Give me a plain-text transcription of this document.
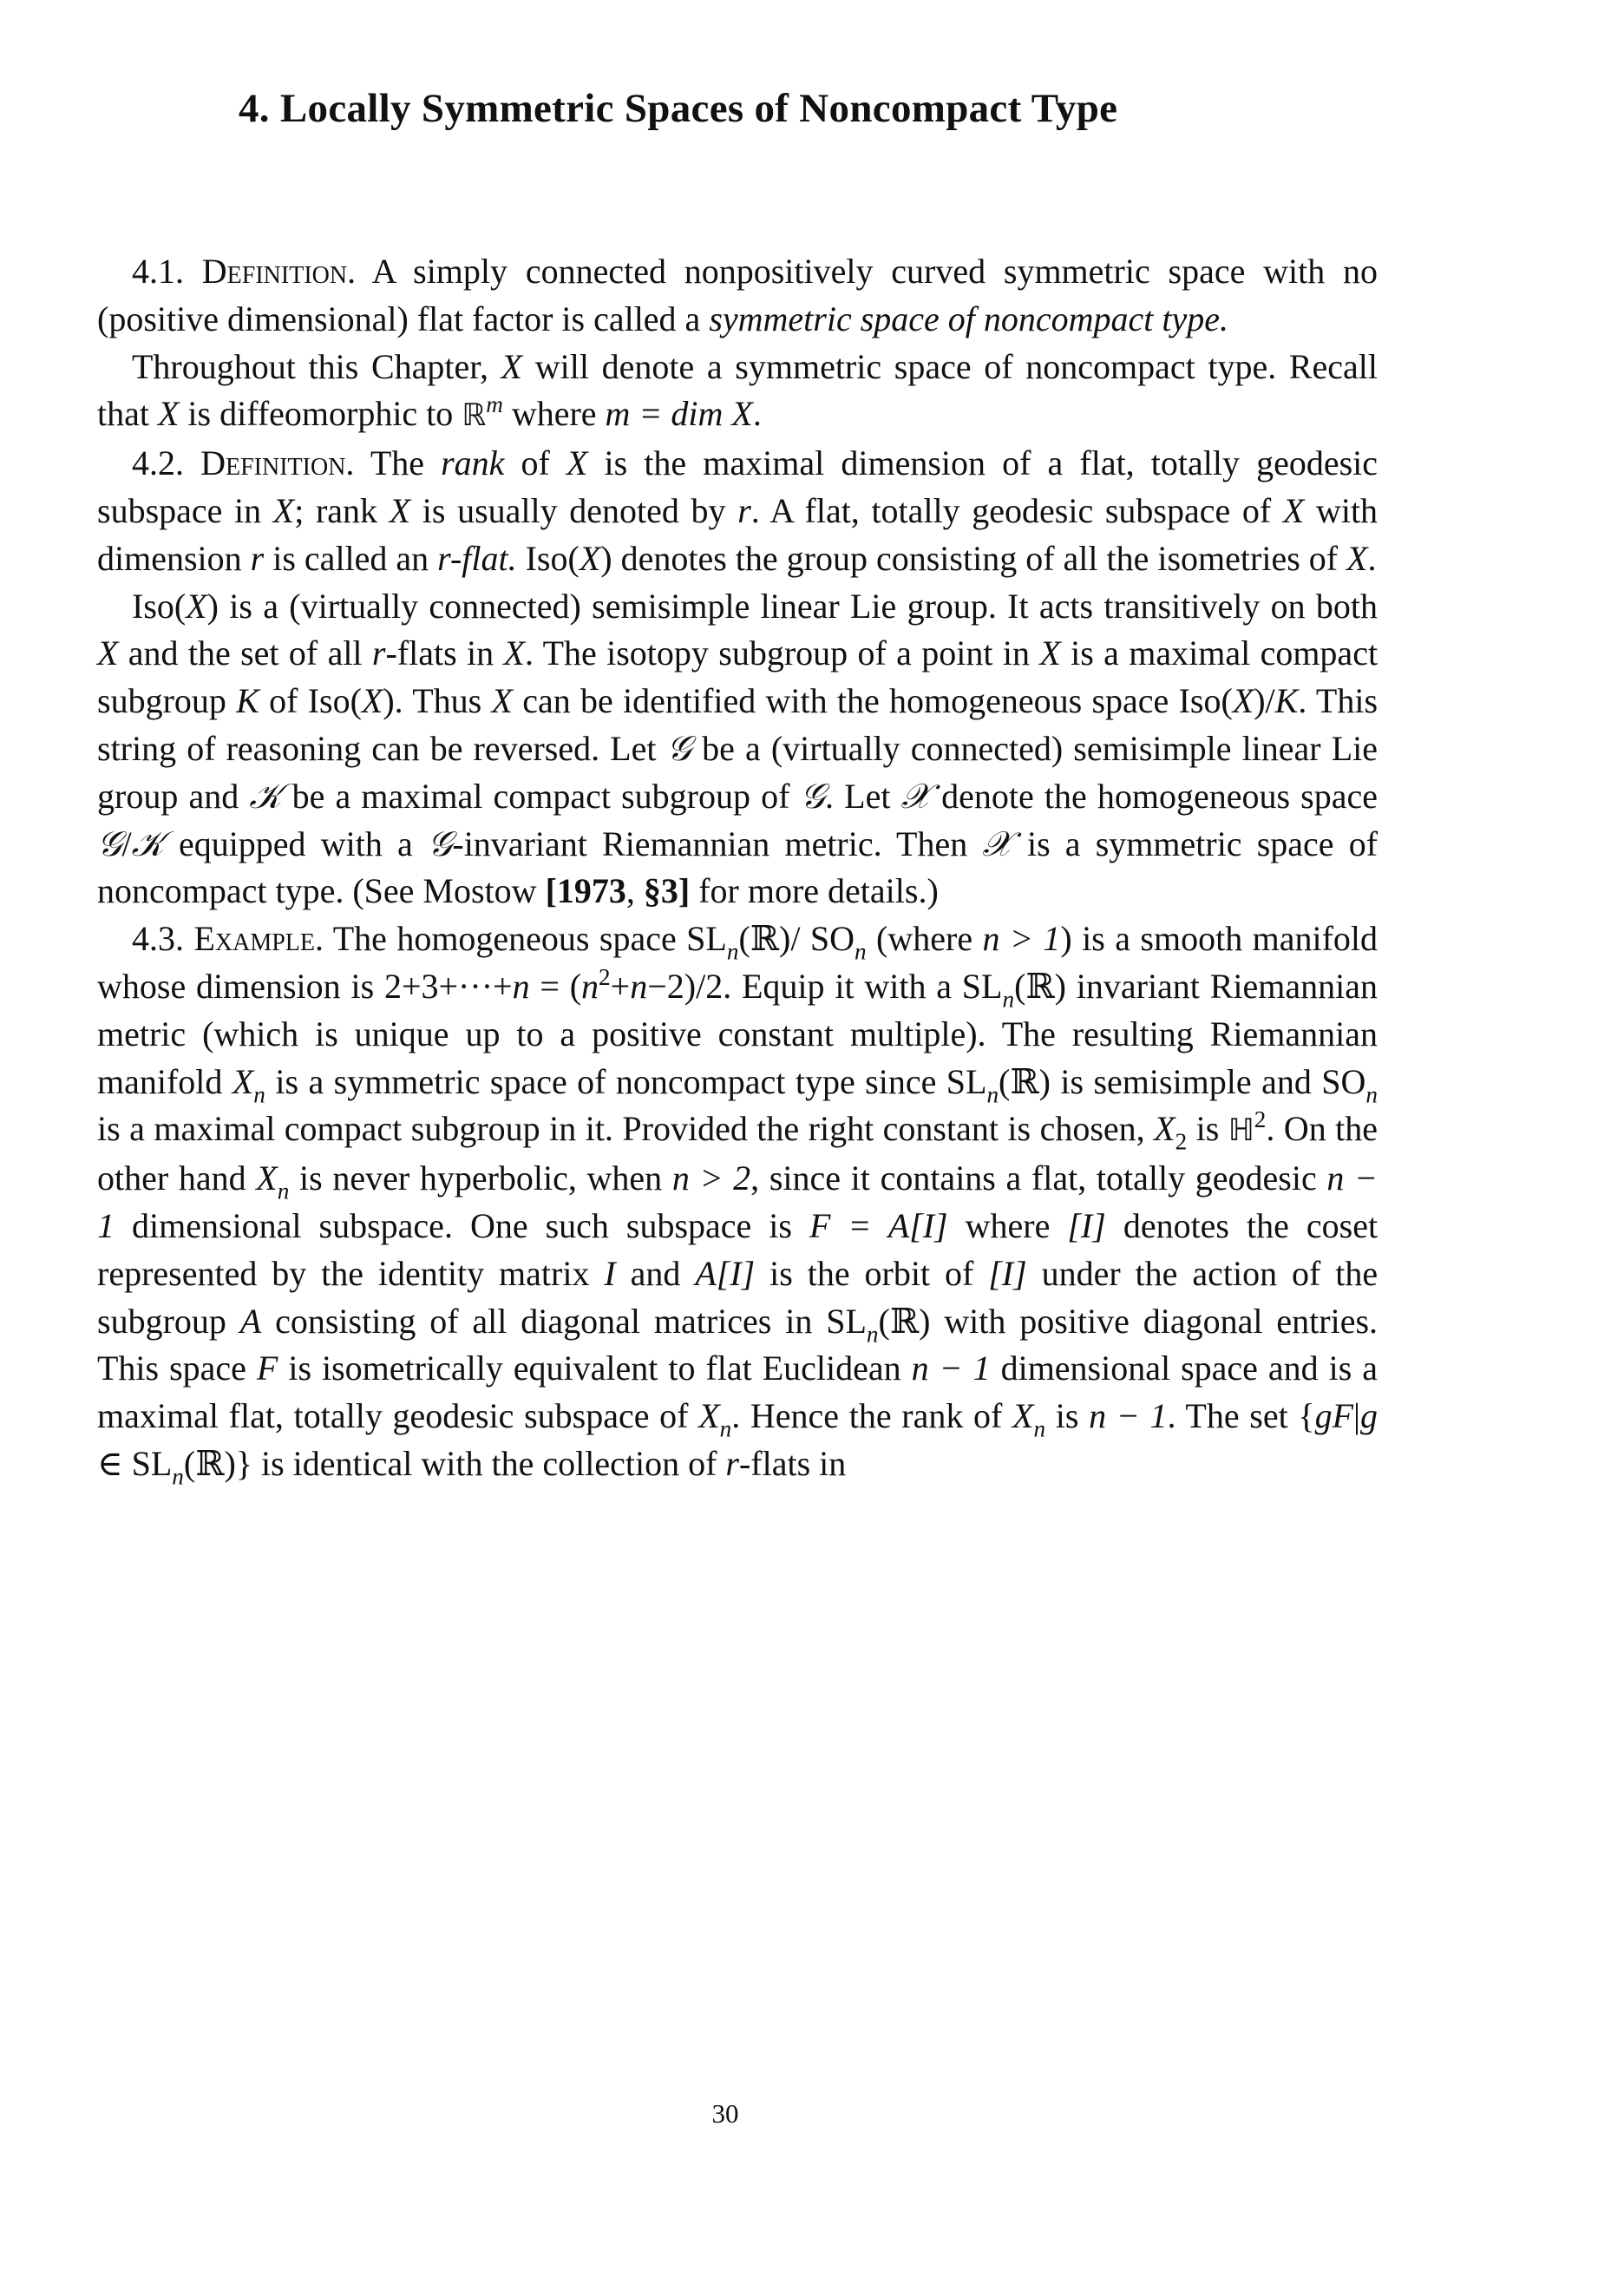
4. Locally Symmetric Spaces of Noncompact Type

4.1. Definition. A simply connected nonpositively curved symmetric space with no (positive dimensional) flat factor is called a symmetric space of noncompact type.

Throughout this Chapter, X will denote a symmetric space of noncompact type. Recall that X is diffeomorphic to ℝ$^m$ where m = dim X.

4.2. Definition. The rank of X is the maximal dimension of a flat, totally geodesic subspace in X; rank X is usually denoted by r. A flat, totally geodesic subspace of X with dimension r is called an r-flat. Iso(X) denotes the group consisting of all the isometries of X.

Iso(X) is a (virtually connected) semisimple linear Lie group. It acts transitively on both X and the set of all r-flats in X. The isotopy subgroup of a point in X is a maximal compact subgroup K of Iso(X). Thus X can be identified with the homogeneous space Iso(X)/K. This string of reasoning can be reversed. Let 𝒢 be a (virtually connected) semisimple linear Lie group and 𝒦 be a maximal compact subgroup of 𝒢. Let 𝒳 denote the homogeneous space 𝒢/𝒦 equipped with a 𝒢-invariant Riemannian metric. Then 𝒳 is a symmetric space of noncompact type. (See Mostow [1973, §3] for more details.)

4.3. Example. The homogeneous space $SL_n(ℝ)/$ $SO_n$ (where n > 1) is a smooth manifold whose dimension is $2+3+\cdot\cdot\cdot+n = (n^2+n-2)/2$. Equip it with a $SL_n(ℝ)$ invariant Riemannian metric (which is unique up to a positive constant multiple). The resulting Riemannian manifold $X_n$ is a symmetric space of noncompact type since $SL_n(ℝ)$ is semisimple and $SO_n$ is a maximal compact subgroup in it. Provided the right constant is chosen, $X_2$ is ℍ$^2$. On the other hand $X_n$ is never hyperbolic, when n > 2, since it contains a flat, totally geodesic n − 1 dimensional subspace. One such subspace is F = A[I] where [I] denotes the coset represented by the identity matrix I and A[I] is the orbit of [I] under the action of the subgroup A consisting of all diagonal matrices in $SL_n(ℝ)$ with positive diagonal entries. This space F is isometrically equivalent to flat Euclidean n − 1 dimensional space and is a maximal flat, totally geodesic subspace of $X_n$. Hence the rank of $X_n$ is n − 1. The set {gF|g ∈ $SL_n(ℝ)$} is identical with the collection of r-flats in

30
